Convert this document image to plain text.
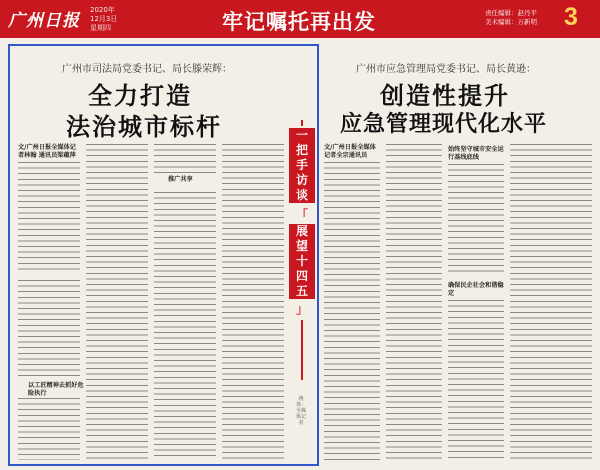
广州日报
2020年
12月3日
星期四	牢记嘱托再出发	责任编辑：赵丹平
美术编辑：万新明 3
广州市司法局党委书记、局长滕荣辉：
全力打造
法治城市标杆
文/广州日报全媒体记者林翰 通讯员梁蕴萍
以工匠精神去抓好危险执行
推广共享
一
把
手
访
谈
「
展
望
十
四
五
」
统筹：全媒体记者
广州市应急管理局党委书记、局长黄逊：
创造性提升
应急管理现代化水平
文/广州日报全媒体记者全宗通讯员
始终坚守城市安全运行基线底线
确保民企社会和谐稳定
